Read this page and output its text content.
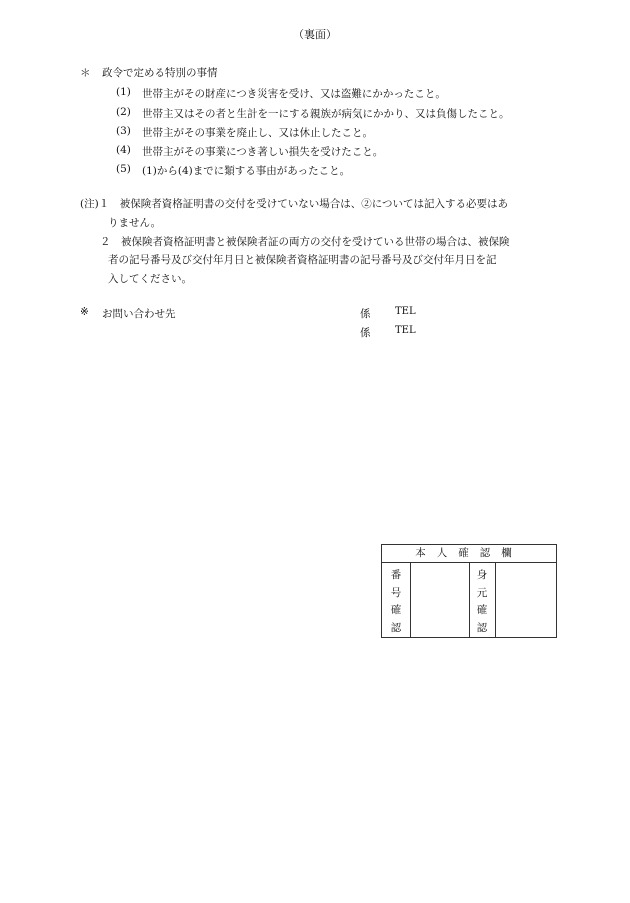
（裏面）
＊ 政令で定める特別の事情
(1) 世帯主がその財産につき災害を受け、又は盗難にかかったこと。
(2) 世帯主又はその者と生計を一にする親族が病気にかかり、又は負傷したこと。
(3) 世帯主がその事業を廃止し、又は休止したこと。
(4) 世帯主がその事業につき著しい損失を受けたこと。
(5) (1)から(4)までに類する事由があったこと。
(注)１　被保険者資格証明書の交付を受けていない場合は、②については記入する必要はあ
りません。
２　被保険者資格証明書と被保険者証の両方の交付を受けている世帯の場合は、被保険
者の記号番号及び交付年月日と被保険者資格証明書の記号番号及び交付年月日を記
入してください。
※ お問い合わせ先	係 TEL
係 TEL
本人確認欄
番
号
確
認
身
元
確
認
